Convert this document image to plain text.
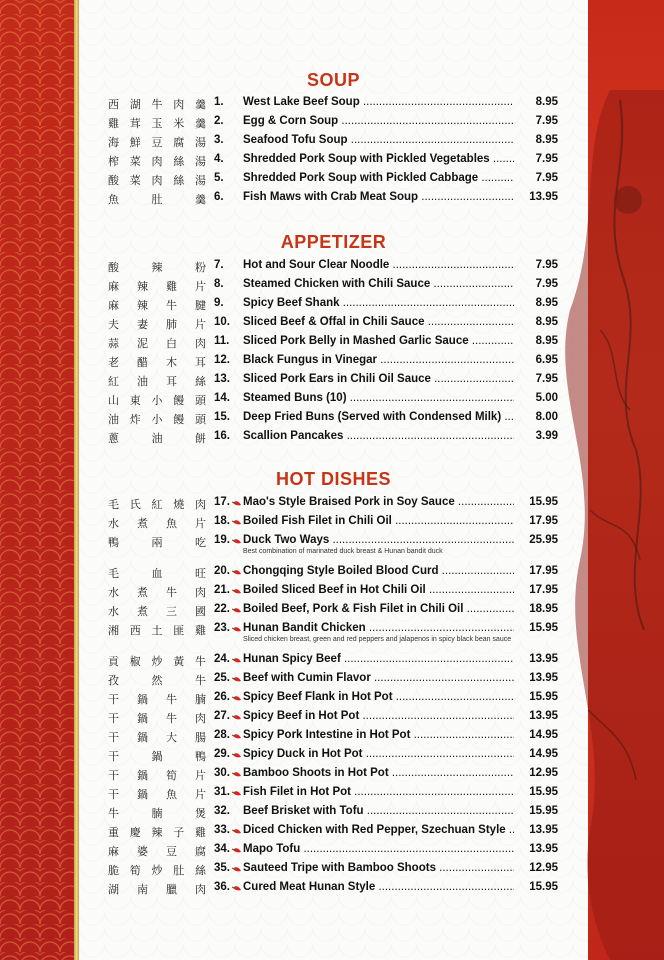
SOUP
西 湖 牛 肉 羹 1. West Lake Beef Soup .....	8.95
雞 茸 玉 米 羹 2. Egg & Corn Soup .....	7.95
海 鮮 豆 腐 湯 3. Seafood Tofu Soup .....	8.95
榨 菜 肉 絲 湯 4. Shredded Pork Soup with Pickled Vegetables .....	7.95
酸 菜 肉 絲 湯 5. Shredded Pork Soup with Pickled Cabbage .....	7.95
魚	肚	羹 6. Fish Maws with Crab Meat Soup .....	13.95
APPETIZER
酸	辣	粉 7. Hot and Sour Clear Noodle .....	7.95
麻 辣 雞 片 8. Steamed Chicken with Chili Sauce .....	7.95
麻 辣 牛 腱 9. Spicy Beef Shank .....	8.95
夫 妻 肺 片 10. Sliced Beef & Offal in Chili Sauce .....	8.95
蒜 泥 白 肉 11. Sliced Pork Belly in Mashed Garlic Sauce .....	8.95
老 醋 木 耳 12. Black Fungus in Vinegar .....	6.95
紅 油 耳 絲 13. Sliced Pork Ears in Chili Oil Sauce .....	7.95
山 東 小 饅 頭 14. Steamed Buns (10) .....	5.00
油 炸 小 饅 頭 15. Deep Fried Buns (Served with Condensed Milk) .....	8.00
蔥	油	餅 16. Scallion Pancakes .....	3.99
HOT DISHES
毛 氏 紅 燒 肉 17. Mao's Style Braised Pork in Soy Sauce .....	15.95
水 煮 魚 片 18. Boiled Fish Filet in Chili Oil .....	17.95
鴨	兩	吃 19. Duck Two Ways .....	25.95
Best combination of marinated duck breast & Hunan bandit duck
毛	血	旺 20. Chongqing Style Boiled Blood Curd .....	17.95
水 煮 牛 肉 21. Boiled Sliced Beef in Hot Chili Oil .....	17.95
水 煮 三 國 22. Boiled Beef, Pork & Fish Filet in Chili Oil .....	18.95
湘 西 土 匪 雞 23. Hunan Bandit Chicken .....	15.95
Sliced chicken breast, green and red peppers and jalapenos in spicy black bean sauce
貢 椒 炒 黃 牛 24. Hunan Spicy Beef .....	13.95
孜	然	牛 25. Beef with Cumin Flavor .....	13.95
干 鍋 牛 腩 26. Spicy Beef Flank in Hot Pot .....	15.95
干 鍋 牛 肉 27. Spicy Beef in Hot Pot .....	13.95
干 鍋 大 腸 28. Spicy Pork Intestine in Hot Pot .....	14.95
干	鍋	鴨 29. Spicy Duck in Hot Pot .....	14.95
干 鍋 筍 片 30. Bamboo Shoots in Hot Pot .....	12.95
干 鍋 魚 片 31. Fish Filet in Hot Pot .....	15.95
牛	腩	煲 32. Beef Brisket with Tofu .....	15.95
重 慶 辣 子 雞 33. Diced Chicken with Red Pepper, Szechuan Style .....	13.95
麻 婆 豆 腐 34. Mapo Tofu .....	13.95
脆 筍 炒 肚 絲 35. Sauteed Tripe with Bamboo Shoots .....	12.95
湖 南 臘 肉 36. Cured Meat Hunan Style .....	15.95
